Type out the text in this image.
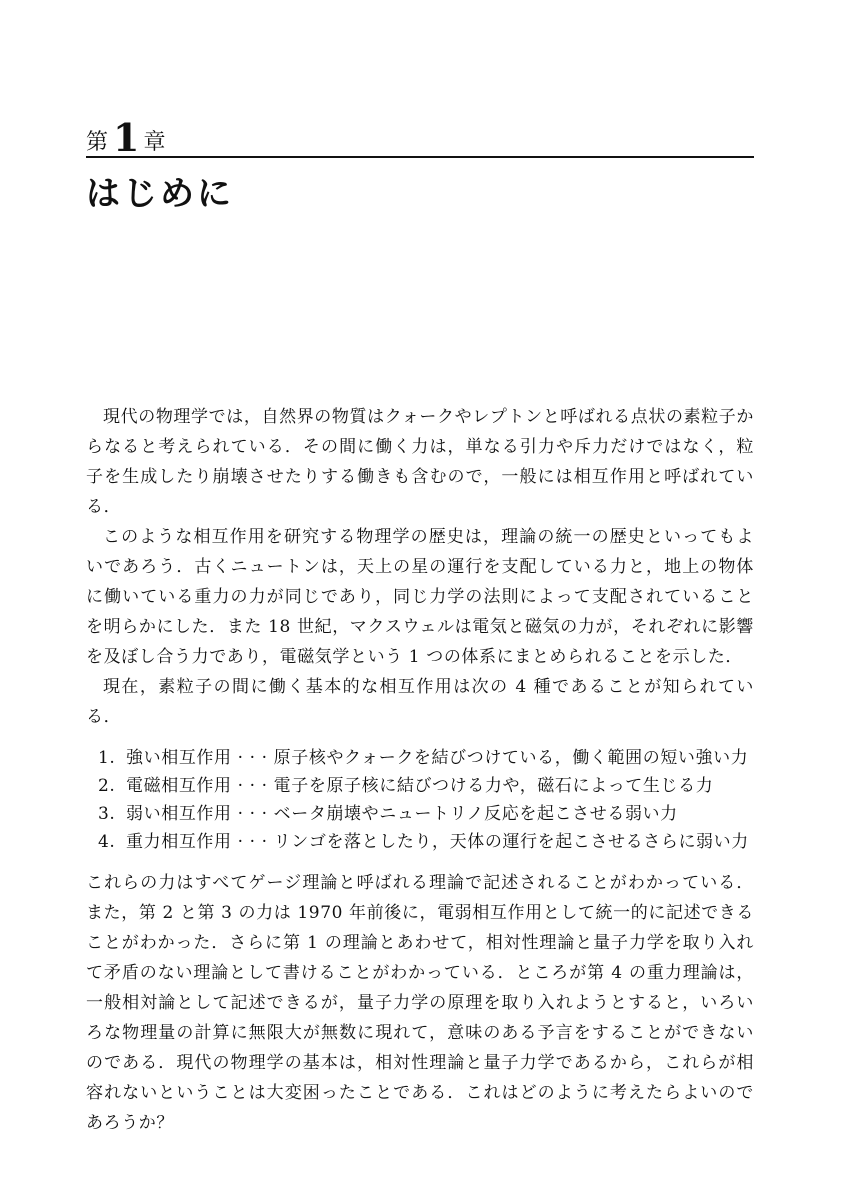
第 1 章
はじめに

現代の物理学では，自然界の物質はクォークやレプトンと呼ばれる点状の素粒子からなると考えられている．その間に働く力は，単なる引力や斥力だけではなく，粒子を生成したり崩壊させたりする働きも含むので，一般には相互作用と呼ばれている．

このような相互作用を研究する物理学の歴史は，理論の統一の歴史といってもよいであろう．古くニュートンは，天上の星の運行を支配している力と，地上の物体に働いている重力の力が同じであり，同じ力学の法則によって支配されていることを明らかにした．また 18 世紀，マクスウェルは電気と磁気の力が，それぞれに影響を及ぼし合う力であり，電磁気学という 1 つの体系にまとめられることを示した．

現在，素粒子の間に働く基本的な相互作用は次の 4 種であることが知られている．

1. 強い相互作用 · · · 原子核やクォークを結びつけている，働く範囲の短い強い力
2. 電磁相互作用 · · · 電子を原子核に結びつける力や，磁石によって生じる力
3. 弱い相互作用 · · · ベータ崩壊やニュートリノ反応を起こさせる弱い力
4. 重力相互作用 · · · リンゴを落としたり，天体の運行を起こさせるさらに弱い力

これらの力はすべてゲージ理論と呼ばれる理論で記述されることがわかっている．また，第 2 と第 3 の力は 1970 年前後に，電弱相互作用として統一的に記述できることがわかった．さらに第 1 の理論とあわせて，相対性理論と量子力学を取り入れて矛盾のない理論として書けることがわかっている．ところが第 4 の重力理論は，一般相対論として記述できるが，量子力学の原理を取り入れようとすると，いろいろな物理量の計算に無限大が無数に現れて，意味のある予言をすることができないのである．現代の物理学の基本は，相対性理論と量子力学であるから，これらが相容れないということは大変困ったことである．これはどのように考えたらよいのであろうか？
